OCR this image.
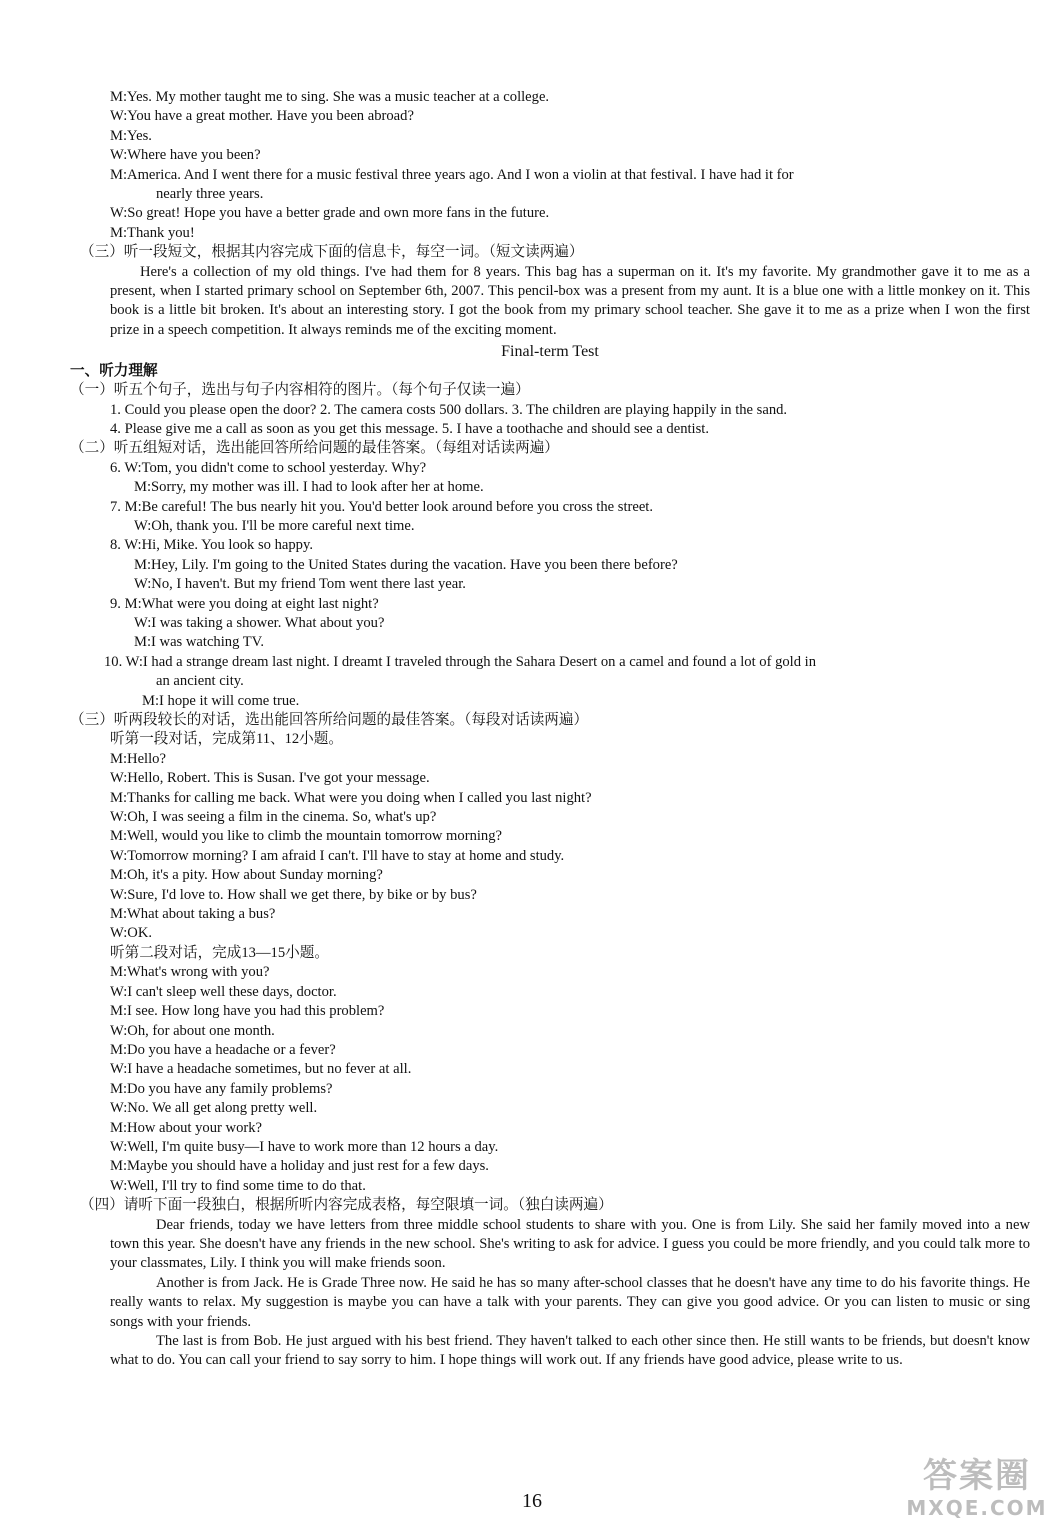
M:Yes. My mother taught me to sing. She was a music teacher at a college.

W:You have a great mother. Have you been abroad?

M:Yes.

W:Where have you been?

M:America. And I went there for a music festival three years ago. And I won a violin at that festival. I have had it for

nearly three years.

W:So great! Hope you have a better grade and own more fans in the future.

M:Thank you!

（三）听一段短文，根据其内容完成下面的信息卡，每空一词。（短文读两遍）

Here's a collection of my old things. I've had them for 8 years. This bag has a superman on it. It's my favorite. My grandmother gave it to me as a present, when I started primary school on September 6th, 2007. This pencil-box was a present from my aunt. It is a blue one with a little monkey on it. This book is a little bit broken. It's about an interesting story. I got the book from my primary school teacher. She gave it to me as a prize when I won the first prize in a speech competition. It always reminds me of the exciting moment.

Final-term Test

一、听力理解

（一）听五个句子，选出与句子内容相符的图片。（每个句子仅读一遍）

1. Could you please open the door? 2. The camera costs 500 dollars. 3. The children are playing happily in the sand.

4. Please give me a call as soon as you get this message. 5. I have a toothache and should see a dentist.

（二）听五组短对话，选出能回答所给问题的最佳答案。（每组对话读两遍）

6. W:Tom, you didn't come to school yesterday. Why?

M:Sorry, my mother was ill. I had to look after her at home.

7. M:Be careful! The bus nearly hit you. You'd better look around before you cross the street.

W:Oh, thank you. I'll be more careful next time.

8. W:Hi, Mike. You look so happy.

M:Hey, Lily. I'm going to the United States during the vacation. Have you been there before?

W:No, I haven't. But my friend Tom went there last year.

9. M:What were you doing at eight last night?

W:I was taking a shower. What about you?

M:I was watching TV.

10. W:I had a strange dream last night. I dreamt I traveled through the Sahara Desert on a camel and found a lot of gold in

an ancient city.

M:I hope it will come true.

（三）听两段较长的对话，选出能回答所给问题的最佳答案。（每段对话读两遍）

听第一段对话，完成第11、12小题。

M:Hello?

W:Hello, Robert. This is Susan. I've got your message.

M:Thanks for calling me back. What were you doing when I called you last night?

W:Oh, I was seeing a film in the cinema. So, what's up?

M:Well, would you like to climb the mountain tomorrow morning?

W:Tomorrow morning? I am afraid I can't. I'll have to stay at home and study.

M:Oh, it's a pity. How about Sunday morning?

W:Sure, I'd love to. How shall we get there, by bike or by bus?

M:What about taking a bus?

W:OK.

听第二段对话，完成13—15小题。

M:What's wrong with you?

W:I can't sleep well these days, doctor.

M:I see. How long have you had this problem?

W:Oh, for about one month.

M:Do you have a headache or a fever?

W:I have a headache sometimes, but no fever at all.

M:Do you have any family problems?

W:No. We all get along pretty well.

M:How about your work?

W:Well, I'm quite busy—I have to work more than 12 hours a day.

M:Maybe you should have a holiday and just rest for a few days.

W:Well, I'll try to find some time to do that.

（四）请听下面一段独白，根据所听内容完成表格，每空限填一词。（独白读两遍）

Dear friends, today we have letters from three middle school students to share with you. One is from Lily. She said her family moved into a new town this year. She doesn't have any friends in the new school. She's writing to ask for advice. I guess you could be more friendly, and you could talk more to your classmates, Lily. I think you will make friends soon.

Another is from Jack. He is Grade Three now. He said he has so many after-school classes that he doesn't have any time to do his favorite things. He really wants to relax. My suggestion is maybe you can have a talk with your parents. They can give you good advice. Or you can listen to music or sing songs with your friends.

The last is from Bob. He just argued with his best friend. They haven't talked to each other since then. He still wants to be friends, but doesn't know what to do. You can call your friend to say sorry to him. I hope things will work out. If any friends have good advice, please write to us.

16
答案圈
MXQE.COM
